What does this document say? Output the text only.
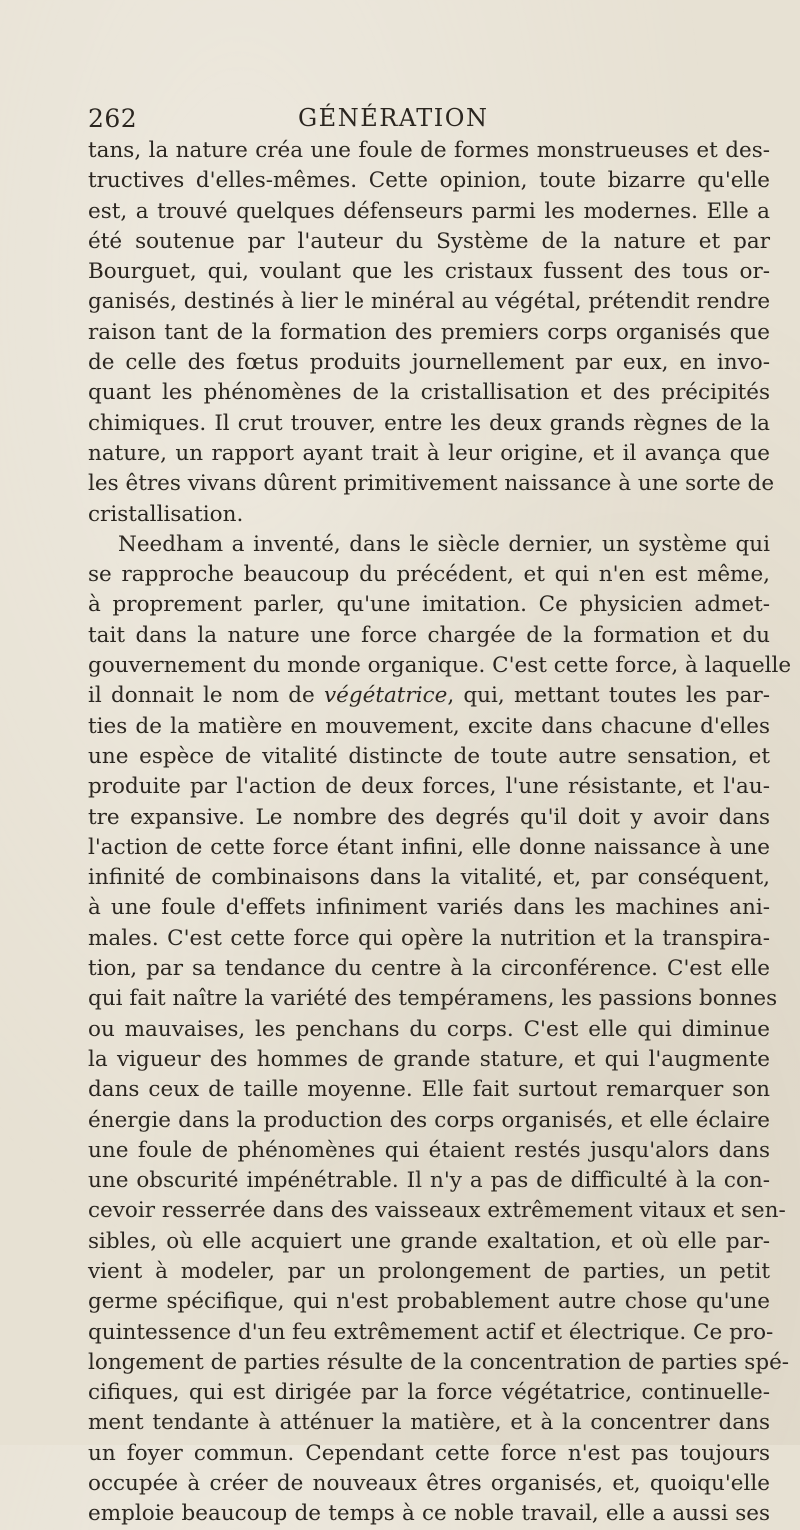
262	GÉNÉRATION
tans, la nature créa une foule de formes monstrueuses et des-
tructives d'elles-mêmes. Cette opinion, toute bizarre qu'elle
est, a trouvé quelques défenseurs parmi les modernes. Elle a
été soutenue par l'auteur du Système de la nature et par
Bourguet, qui, voulant que les cristaux fussent des tous or-
ganisés, destinés à lier le minéral au végétal, prétendit rendre
raison tant de la formation des premiers corps organisés que
de celle des fœtus produits journellement par eux, en invo-
quant les phénomènes de la cristallisation et des précipités
chimiques. Il crut trouver, entre les deux grands règnes de la
nature, un rapport ayant trait à leur origine, et il avança que
les êtres vivans dûrent primitivement naissance à une sorte de
cristallisation.
Needham a inventé, dans le siècle dernier, un système qui
se rapproche beaucoup du précédent, et qui n'en est même,
à proprement parler, qu'une imitation. Ce physicien admet-
tait dans la nature une force chargée de la formation et du
gouvernement du monde organique. C'est cette force, à laquelle
il donnait le nom de végétatrice, qui, mettant toutes les par-
ties de la matière en mouvement, excite dans chacune d'elles
une espèce de vitalité distincte de toute autre sensation, et
produite par l'action de deux forces, l'une résistante, et l'au-
tre expansive. Le nombre des degrés qu'il doit y avoir dans
l'action de cette force étant infini, elle donne naissance à une
infinité de combinaisons dans la vitalité, et, par conséquent,
à une foule d'effets infiniment variés dans les machines ani-
males. C'est cette force qui opère la nutrition et la transpira-
tion, par sa tendance du centre à la circonférence. C'est elle
qui fait naître la variété des tempéramens, les passions bonnes
ou mauvaises, les penchans du corps. C'est elle qui diminue
la vigueur des hommes de grande stature, et qui l'augmente
dans ceux de taille moyenne. Elle fait surtout remarquer son
énergie dans la production des corps organisés, et elle éclaire
une foule de phénomènes qui étaient restés jusqu'alors dans
une obscurité impénétrable. Il n'y a pas de difficulté à la con-
cevoir resserrée dans des vaisseaux extrêmement vitaux et sen-
sibles, où elle acquiert une grande exaltation, et où elle par-
vient à modeler, par un prolongement de parties, un petit
germe spécifique, qui n'est probablement autre chose qu'une
quintessence d'un feu extrêmement actif et électrique. Ce pro-
longement de parties résulte de la concentration de parties spé-
cifiques, qui est dirigée par la force végétatrice, continuelle-
ment tendante à atténuer la matière, et à la concentrer dans
un foyer commun. Cependant cette force n'est pas toujours
occupée à créer de nouveaux êtres organisés, et, quoiqu'elle
emploie beaucoup de temps à ce noble travail, elle a aussi ses
